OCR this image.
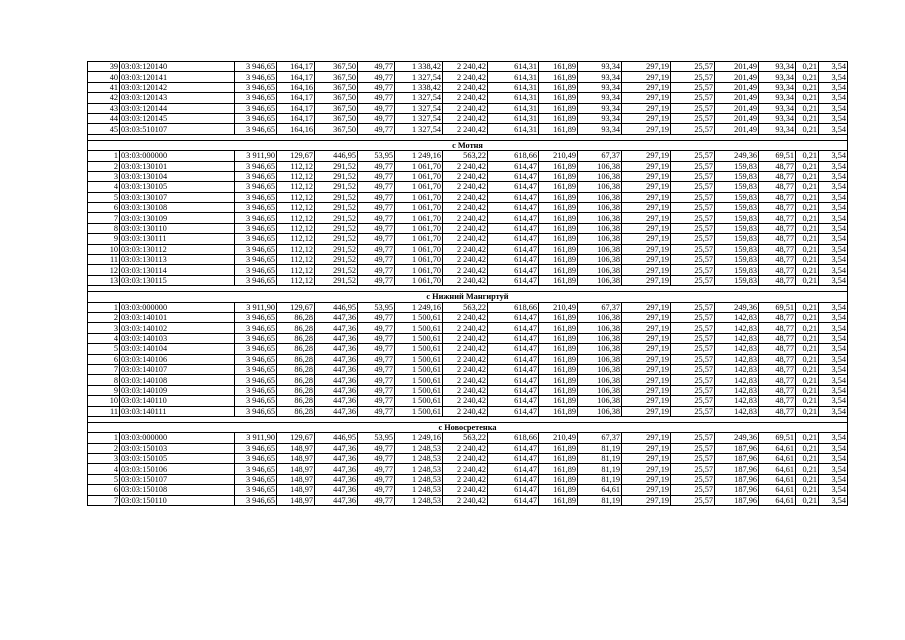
39	03:03:120140	3 946,65	164,17	367,50	49,77	1 338,42	2 240,42	614,31	161,89	93,34	297,19	25,57	201,49	93,34	0,21	3,54
40	03:03:120141	3 946,65	164,17	367,50	49,77	1 327,54	2 240,42	614,31	161,89	93,34	297,19	25,57	201,49	93,34	0,21	3,54
41	03:03:120142	3 946,65	164,16	367,50	49,77	1 338,42	2 240,42	614,31	161,89	93,34	297,19	25,57	201,49	93,34	0,21	3,54
42	03:03:120143	3 946,65	164,17	367,50	49,77	1 327,54	2 240,42	614,31	161,89	93,34	297,19	25,57	201,49	93,34	0,21	3,54
43	03:03:120144	3 946,65	164,17	367,50	49,77	1 327,54	2 240,42	614,31	161,89	93,34	297,19	25,57	201,49	93,34	0,21	3,54
44	03:03:120145	3 946,65	164,17	367,50	49,77	1 327,54	2 240,42	614,31	161,89	93,34	297,19	25,57	201,49	93,34	0,21	3,54
45	03:03:510107	3 946,65	164,16	367,50	49,77	1 327,54	2 240,42	614,31	161,89	93,34	297,19	25,57	201,49	93,34	0,21	3,54

с Мотня																
1	03:03:000000	3 911,90	129,67	446,95	53,95	1 249,16	563,22	618,66	210,49	67,37	297,19	25,57	249,36	69,51	0,21	3,54
2	03:03:130101	3 946,65	112,12	291,52	49,77	1 061,70	2 240,42	614,47	161,89	106,38	297,19	25,57	159,83	48,77	0,21	3,54
3	03:03:130104	3 946,65	112,12	291,52	49,77	1 061,70	2 240,42	614,47	161,89	106,38	297,19	25,57	159,83	48,77	0,21	3,54
4	03:03:130105	3 946,65	112,12	291,52	49,77	1 061,70	2 240,42	614,47	161,89	106,38	297,19	25,57	159,83	48,77	0,21	3,54
5	03:03:130107	3 946,65	112,12	291,52	49,77	1 061,70	2 240,42	614,47	161,89	106,38	297,19	25,57	159,83	48,77	0,21	3,54
6	03:03:130108	3 946,65	112,12	291,52	49,77	1 061,70	2 240,42	614,47	161,89	106,38	297,19	25,57	159,83	48,77	0,21	3,54
7	03:03:130109	3 946,65	112,12	291,52	49,77	1 061,70	2 240,42	614,47	161,89	106,38	297,19	25,57	159,83	48,77	0,21	3,54
8	03:03:130110	3 946,65	112,12	291,52	49,77	1 061,70	2 240,42	614,47	161,89	106,38	297,19	25,57	159,83	48,77	0,21	3,54
9	03:03:130111	3 946,65	112,12	291,52	49,77	1 061,70	2 240,42	614,47	161,89	106,38	297,19	25,57	159,83	48,77	0,21	3,54
10	03:03:130112	3 946,65	112,12	291,52	49,77	1 061,70	2 240,42	614,47	161,89	106,38	297,19	25,57	159,83	48,77	0,21	3,54
11	03:03:130113	3 946,65	112,12	291,52	49,77	1 061,70	2 240,42	614,47	161,89	106,38	297,19	25,57	159,83	48,77	0,21	3,54
12	03:03:130114	3 946,65	112,12	291,52	49,77	1 061,70	2 240,42	614,47	161,89	106,38	297,19	25,57	159,83	48,77	0,21	3,54
13	03:03:130115	3 946,65	112,12	291,52	49,77	1 061,70	2 240,42	614,47	161,89	106,38	297,19	25,57	159,83	48,77	0,21	3,54

с Нижний Мангиртуй																
1	03:03:000000	3 911,90	129,67	446,95	53,95	1 249,16	563,22	618,66	210,49	67,37	297,19	25,57	249,36	69,51	0,21	3,54
2	03:03:140101	3 946,65	86,28	447,36	49,77	1 500,61	2 240,42	614,47	161,89	106,38	297,19	25,57	142,83	48,77	0,21	3,54
3	03:03:140102	3 946,65	86,28	447,36	49,77	1 500,61	2 240,42	614,47	161,89	106,38	297,19	25,57	142,83	48,77	0,21	3,54
4	03:03:140103	3 946,65	86,28	447,36	49,77	1 500,61	2 240,42	614,47	161,89	106,38	297,19	25,57	142,83	48,77	0,21	3,54
5	03:03:140104	3 946,65	86,28	447,36	49,77	1 500,61	2 240,42	614,47	161,89	106,38	297,19	25,57	142,83	48,77	0,21	3,54
6	03:03:140106	3 946,65	86,28	447,36	49,77	1 500,61	2 240,42	614,47	161,89	106,38	297,19	25,57	142,83	48,77	0,21	3,54
7	03:03:140107	3 946,65	86,28	447,36	49,77	1 500,61	2 240,42	614,47	161,89	106,38	297,19	25,57	142,83	48,77	0,21	3,54
8	03:03:140108	3 946,65	86,28	447,36	49,77	1 500,61	2 240,42	614,47	161,89	106,38	297,19	25,57	142,83	48,77	0,21	3,54
9	03:03:140109	3 946,65	86,28	447,36	49,77	1 500,61	2 240,42	614,47	161,89	106,38	297,19	25,57	142,83	48,77	0,21	3,54
10	03:03:140110	3 946,65	86,28	447,36	49,77	1 500,61	2 240,42	614,47	161,89	106,38	297,19	25,57	142,83	48,77	0,21	3,54
11	03:03:140111	3 946,65	86,28	447,36	49,77	1 500,61	2 240,42	614,47	161,89	106,38	297,19	25,57	142,83	48,77	0,21	3,54

с Новосретенка																
1	03:03:000000	3 911,90	129,67	446,95	53,95	1 249,16	563,22	618,66	210,49	67,37	297,19	25,57	249,36	69,51	0,21	3,54
2	03:03:150103	3 946,65	148,97	447,36	49,77	1 248,53	2 240,42	614,47	161,89	81,19	297,19	25,57	187,96	64,61	0,21	3,54
3	03:03:150105	3 946,65	148,97	447,36	49,77	1 248,53	2 240,42	614,47	161,89	81,19	297,19	25,57	187,96	64,61	0,21	3,54
4	03:03:150106	3 946,65	148,97	447,36	49,77	1 248,53	2 240,42	614,47	161,89	81,19	297,19	25,57	187,96	64,61	0,21	3,54
5	03:03:150107	3 946,65	148,97	447,36	49,77	1 248,53	2 240,42	614,47	161,89	81,19	297,19	25,57	187,96	64,61	0,21	3,54
6	03:03:150108	3 946,65	148,97	447,36	49,77	1 248,53	2 240,42	614,47	161,89	64,61	297,19	25,57	187,96	64,61	0,21	3,54
7	03:03:150110	3 946,65	148,97	447,36	49,77	1 248,53	2 240,42	614,47	161,89	81,19	297,19	25,57	187,96	64,61	0,21	3,54
